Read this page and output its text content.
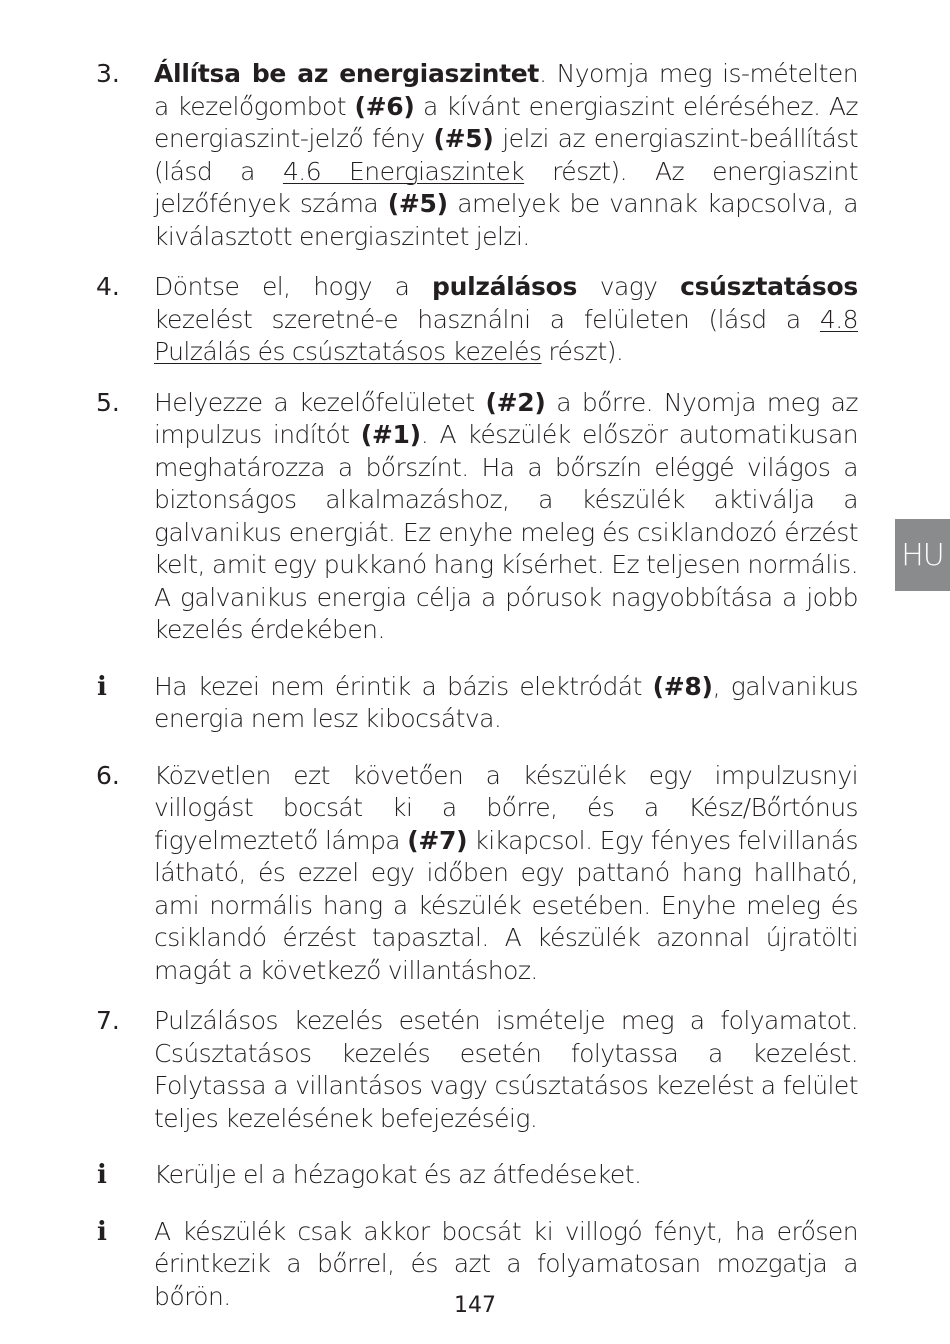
3. Állítsa be az energiaszintet. Nyomja meg is-mételten a kezelőgombot (#6) a kívánt energiaszint eléréséhez. Az energiaszint-jelző fény (#5) jelzi az energiaszint-beállítást (lásd a 4.6 Energiaszintek részt). Az energiaszint jelzőfények száma (#5) amelyek be vannak kapcsolva, a kiválasztott energiaszintet jelzi.
4. Döntse el, hogy a pulzálásos vagy csúsztatásos kezelést szeretné-e használni a felületen (lásd a 4.8 Pulzálás és csúsztatásos kezelés részt).
5. Helyezze a kezelőfelületet (#2) a bőrre. Nyomja meg az impulzus indítót (#1). A készülék először automatikusan meghatározza a bőrszínt. Ha a bőrszín eléggé világos a biztonságos alkalmazáshoz, a készülék aktiválja a galvanikus energiát. Ez enyhe meleg és csiklandozó érzést kelt, amit egy pukkanó hang kísérhet. Ez teljesen normális. A galvanikus energia célja a pórusok nagyobbítása a jobb kezelés érdekében.
i Ha kezei nem érintik a bázis elektródát (#8), galvanikus energia nem lesz kibocsátva.
6. Közvetlen ezt követően a készülék egy impulzusnyi villogást bocsát ki a bőrre, és a Kész/Bőrtónus figyelmeztető lámpa (#7) kikapcsol. Egy fényes felvillanás látható, és ezzel egy időben egy pattanó hang hallható, ami normális hang a készülék esetében. Enyhe meleg és csiklandó érzést tapasztal. A készülék azonnal újratölti magát a következő villantáshoz.
7. Pulzálásos kezelés esetén ismételje meg a folyamatot. Csúsztatásos kezelés esetén folytassa a kezelést. Folytassa a villantásos vagy csúsztatásos kezelést a felület teljes kezelésének befejezéséig.
i Kerülje el a hézagokat és az átfedéseket.
i A készülék csak akkor bocsát ki villogó fényt, ha erősen érintkezik a bőrrel, és azt a folyamatosan mozgatja a bőrön.
HU
147
